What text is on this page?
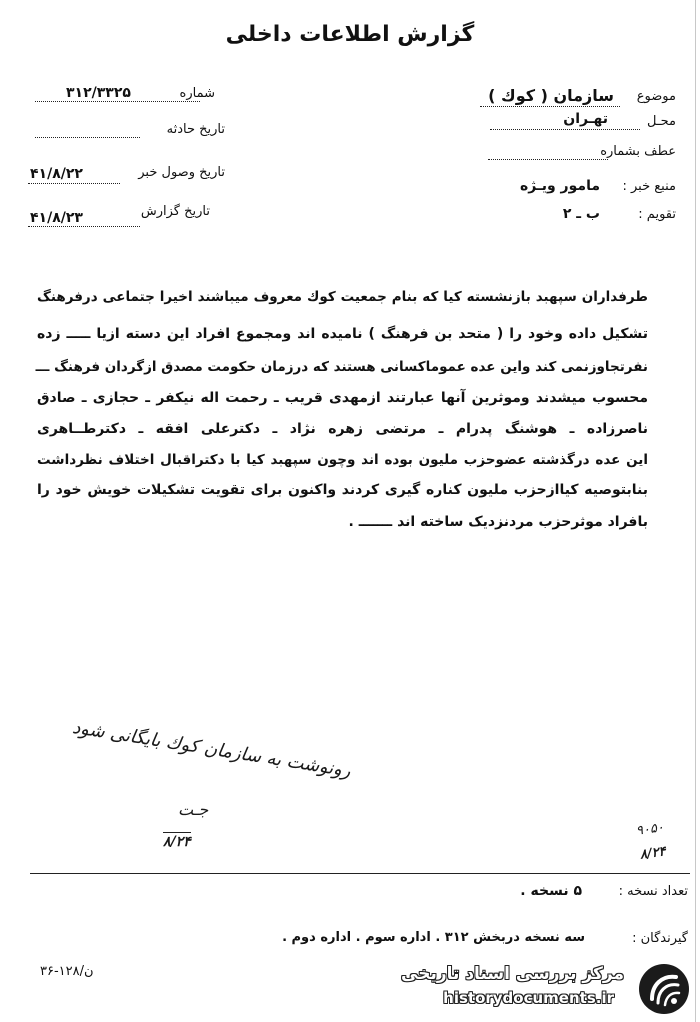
گزارش اطلاعات داخلی
شماره
۳۱۲/۳۳۲۵
تاریخ حادثه
تاریخ وصول خبر
۴۱/۸/۲۲
تاریخ گزارش
۴۱/۸/۲۳
موضوع
سازمان ( کوك )
محـل
تهـران
عطف بشماره
منبع خبر :
مامور ویـژه
تقویم :
ب ـ ۲
طرفداران سپهبد بازنشسته کیا که بنام جمعیت کوك معروف میباشند اخیرا جتماعی درفرهنگ
تشکیل داده وخود را ( متحد بن فرهنگ ) نامیده اند ومجموع افراد این دسته ازیا ـــــ زده
نفرتجاوزنمی کند واین عده عموماکسانی هستند که درزمان حکومت مصدق ازگردان فرهنگ ـــ
محسوب میشدند وموثرین آنها عبارتند ازمهدی قریب ـ رحمت اله نیکفر ـ حجازی ـ صادق
ناصرزاده ـ هوشنگ پدرام ـ مرتضی زهره نژاد ـ دکترعلی افقه ـ دکترطــاهری
این عده درگذشته عضوحزب ملیون بوده اند وچون سپهبد کیا با دکتراقبال اختلاف نظرداشت
بنابتوصیه کیاازحزب ملیون کناره گیری کردند واکنون برای تقویت تشکیلات خویش خود را
بافراد موثرحزب مردنزدیک ساخته اند ـــــــ .
رونوشت به سازمان کوك بایگانی شود
جـت
۸/۲۴
۹۰۵۰
۸/۲۴
تعداد نسخه :
۵ نسخه .
گیرندگان :
سه نسخه دربخش ۳۱۲ . اداره سوم . اداره دوم .
۳۶-۱۲۸/ن	مرکز بررسی اسناد تاریخی
historydocuments.ir
